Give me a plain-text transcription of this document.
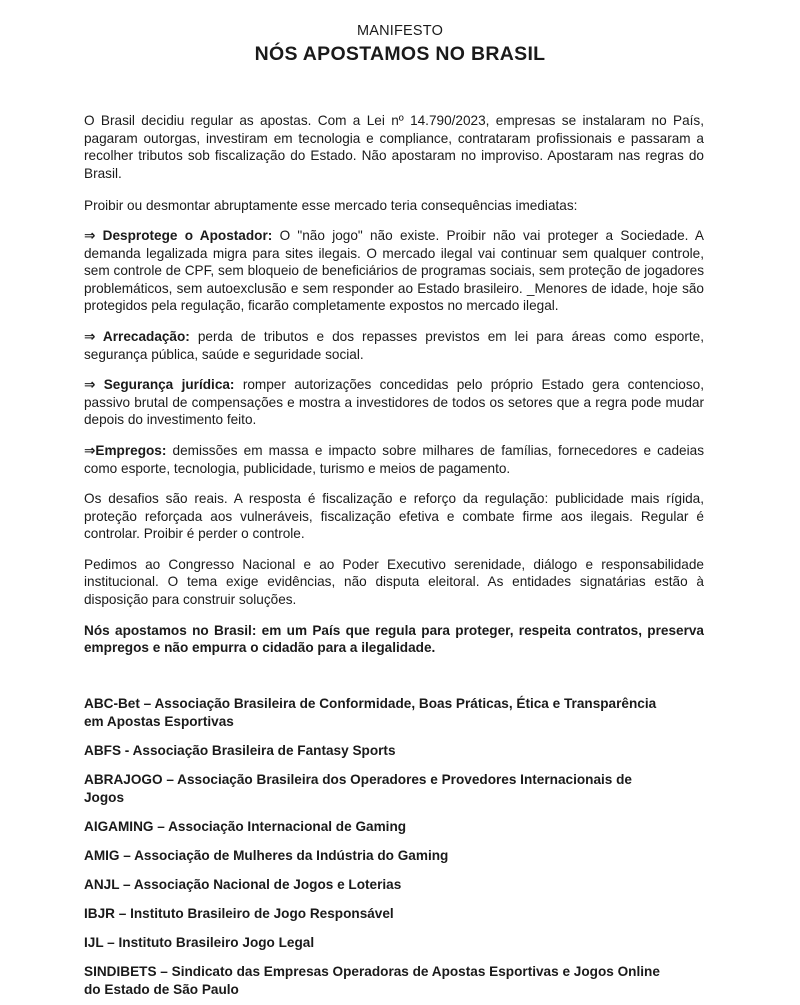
MANIFESTO

NÓS APOSTAMOS NO BRASIL

O Brasil decidiu regular as apostas. Com a Lei nº 14.790/2023, empresas se instalaram no País, pagaram outorgas, investiram em tecnologia e compliance, contrataram profissionais e passaram a recolher tributos sob fiscalização do Estado. Não apostaram no improviso. Apostaram nas regras do Brasil.

Proibir ou desmontar abruptamente esse mercado teria consequências imediatas:

⇒ Desprotege o Apostador: O "não jogo" não existe. Proibir não vai proteger a Sociedade. A demanda legalizada migra para sites ilegais. O mercado ilegal vai continuar sem qualquer controle, sem controle de CPF, sem bloqueio de beneficiários de programas sociais, sem proteção de jogadores problemáticos, sem autoexclusão e sem responder ao Estado brasileiro. _Menores de idade, hoje são protegidos pela regulação, ficarão completamente expostos no mercado ilegal.

⇒ Arrecadação: perda de tributos e dos repasses previstos em lei para áreas como esporte, segurança pública, saúde e seguridade social.

⇒ Segurança jurídica: romper autorizações concedidas pelo próprio Estado gera contencioso, passivo brutal de compensações e mostra a investidores de todos os setores que a regra pode mudar depois do investimento feito.

⇒Empregos: demissões em massa e impacto sobre milhares de famílias, fornecedores e cadeias como esporte, tecnologia, publicidade, turismo e meios de pagamento.

Os desafios são reais. A resposta é fiscalização e reforço da regulação: publicidade mais rígida, proteção reforçada aos vulneráveis, fiscalização efetiva e combate firme aos ilegais. Regular é controlar. Proibir é perder o controle.

Pedimos ao Congresso Nacional e ao Poder Executivo serenidade, diálogo e responsabilidade institucional. O tema exige evidências, não disputa eleitoral. As entidades signatárias estão à disposição para construir soluções.

Nós apostamos no Brasil: em um País que regula para proteger, respeita contratos, preserva empregos e não empurra o cidadão para a ilegalidade.

ABC-Bet – Associação Brasileira de Conformidade, Boas Práticas, Ética e Transparência em Apostas Esportivas

ABFS - Associação Brasileira de Fantasy Sports

ABRAJOGO – Associação Brasileira dos Operadores e Provedores Internacionais de Jogos

AIGAMING – Associação Internacional de Gaming

AMIG – Associação de Mulheres da Indústria do Gaming

ANJL – Associação Nacional de Jogos e Loterias

IBJR – Instituto Brasileiro de Jogo Responsável

IJL – Instituto Brasileiro Jogo Legal

SINDIBETS – Sindicato das Empresas Operadoras de Apostas Esportivas e Jogos Online do Estado de São Paulo
